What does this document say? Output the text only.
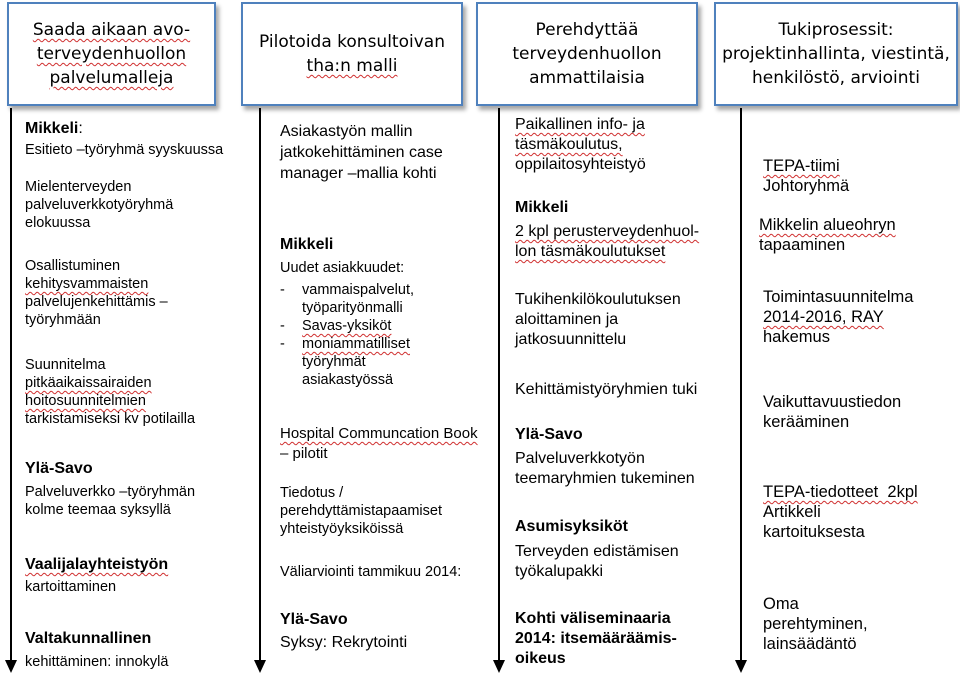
Saada aikaan avo-
terveydenhuollon
palvelumalleja
Pilotoida konsultoivan
tha:n malli
Perehdyttää
terveydenhuollon
ammattilaisia
Tukiprosessit:
projektinhallinta, viestintä,
henkilöstö, arviointi
Mikkeli:
Esitieto –työryhmä syyskuussa
Mielenterveyden
palveluverkkotyöryhmä
elokuussa
Osallistuminen
kehitysvammaisten
palvelujenkehittämis –
työryhmään
Suunnitelma
pitkäaikaissairaiden
hoitosuunnitelmien
tarkistamiseksi kv potilailla
Ylä-Savo
Palveluverkko –työryhmän
kolme teemaa syksyllä
Vaalijalayhteistyön
kartoittaminen
Valtakunnallinen
kehittäminen: innokylä
Asiakastyön mallin
jatkokehittäminen case
manager –mallia kohti
Mikkeli
Uudet asiakkuudet:
-	vammaispalvelut,
työparityönmalli
-	Savas-yksiköt
-	moniammatilliset
työryhmät
asiakastyössä
Hospital Communcation Book
– pilotit
Tiedotus /
perehdyttämistapaamiset
yhteistyöyksiköissä
Väliarviointi tammikuu 2014:
Ylä-Savo
Syksy: Rekrytointi
Paikallinen info- ja
täsmäkoulutus,
oppilaitosyhteistyö
Mikkeli
2 kpl perusterveydenhuol-
lon täsmäkoulutukset
Tukihenkilökoulutuksen
aloittaminen ja
jatkosuunnittelu
Kehittämistyöryhmien tuki
Ylä-Savo
Palveluverkkotyön
teemaryhmien tukeminen
Asumisyksiköt
Terveyden edistämisen
työkalupakki
Kohti väliseminaaria
2014: itsemääräämis-
oikeus
TEPA-tiimi
Johtoryhmä
Mikkelin alueohryn
tapaaminen
Toimintasuunnitelma
2014-2016, RAY
hakemus
Vaikuttavuustiedon
kerääminen
TEPA-tiedotteet  2kpl
Artikkeli
kartoituksesta
Oma
perehtyminen,
lainsäädäntö
